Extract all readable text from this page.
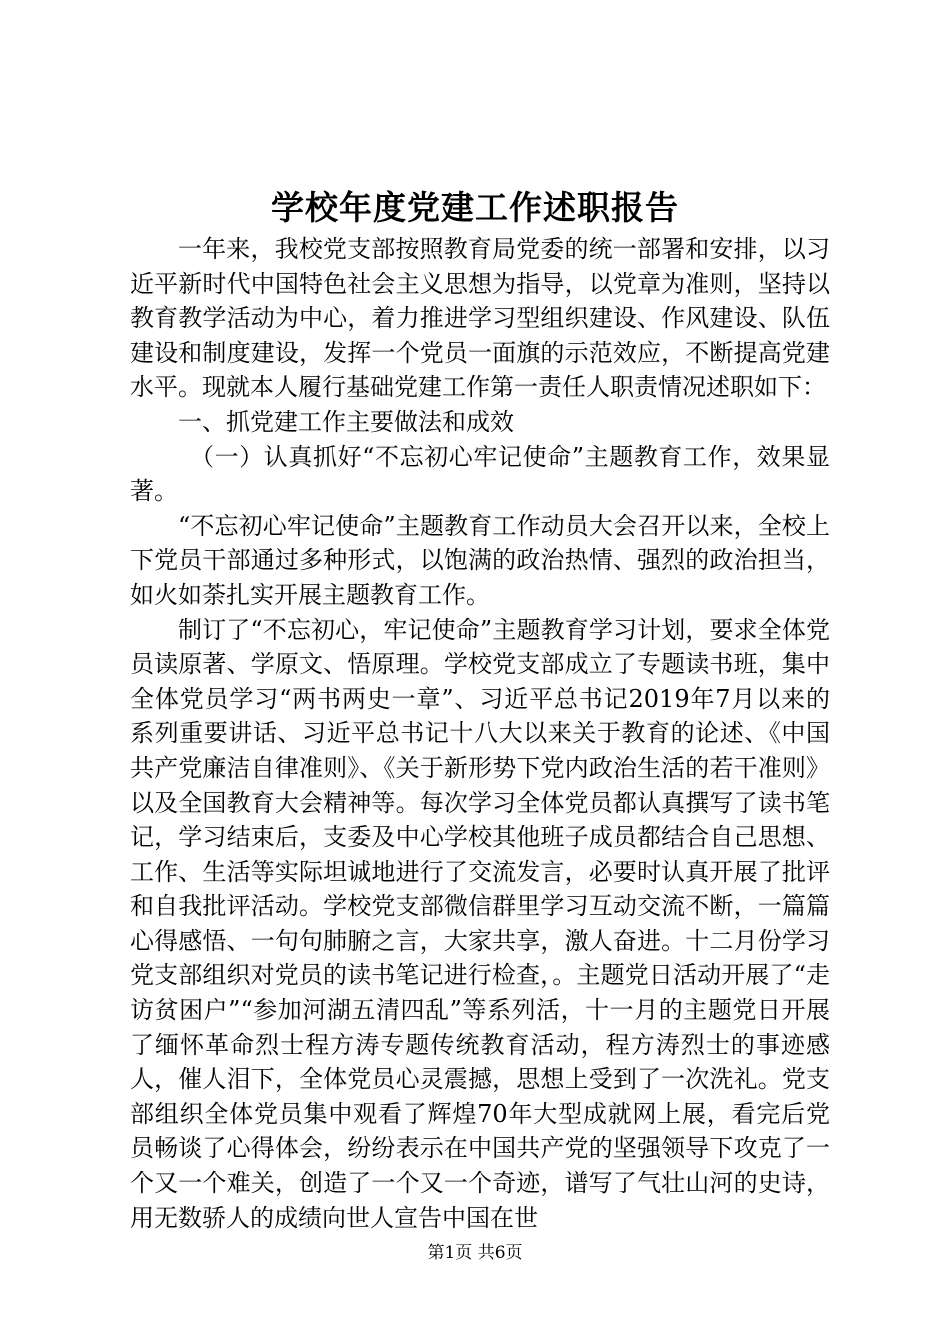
学校年度党建工作述职报告

一年来，我校党支部按照教育局党委的统一部署和安排，以习近平新时代中国特色社会主义思想为指导，以党章为准则，坚持以教育教学活动为中心，着力推进学习型组织建设、作风建设、队伍建设和制度建设，发挥一个党员一面旗的示范效应，不断提高党建水平。现就本人履行基础党建工作第一责任人职责情况述职如下：

一、抓党建工作主要做法和成效

（一）认真抓好“不忘初心牢记使命”主题教育工作，效果显著。

“不忘初心牢记使命”主题教育工作动员大会召开以来，全校上下党员干部通过多种形式，以饱满的政治热情、强烈的政治担当，如火如荼扎实开展主题教育工作。

制订了“不忘初心，牢记使命”主题教育学习计划，要求全体党员读原著、学原文、悟原理。学校党支部成立了专题读书班，集中全体党员学习“两书两史一章”、习近平总书记2019年7月以来的系列重要讲话、习近平总书记十八大以来关于教育的论述、《中国共产党廉洁自律准则》、《关于新形势下党内政治生活的若干准则》以及全国教育大会精神等。每次学习全体党员都认真撰写了读书笔记，学习结束后，支委及中心学校其他班子成员都结合自己思想、工作、生活等实际坦诚地进行了交流发言，必要时认真开展了批评和自我批评活动。学校党支部微信群里学习互动交流不断，一篇篇心得感悟、一句句肺腑之言，大家共享，激人奋进。十二月份学习党支部组织对党员的读书笔记进行检查，。主题党日活动开展了“走访贫困户”“参加河湖五清四乱”等系列活，十一月的主题党日开展了缅怀革命烈士程方涛专题传统教育活动，程方涛烈士的事迹感人，催人泪下，全体党员心灵震撼，思想上受到了一次洗礼。党支部组织全体党员集中观看了辉煌70年大型成就网上展，看完后党员畅谈了心得体会，纷纷表示在中国共产党的坚强领导下攻克了一个又一个难关，创造了一个又一个奇迹，谱写了气壮山河的史诗，用无数骄人的成绩向世人宣告中国在世

第1页 共6页
